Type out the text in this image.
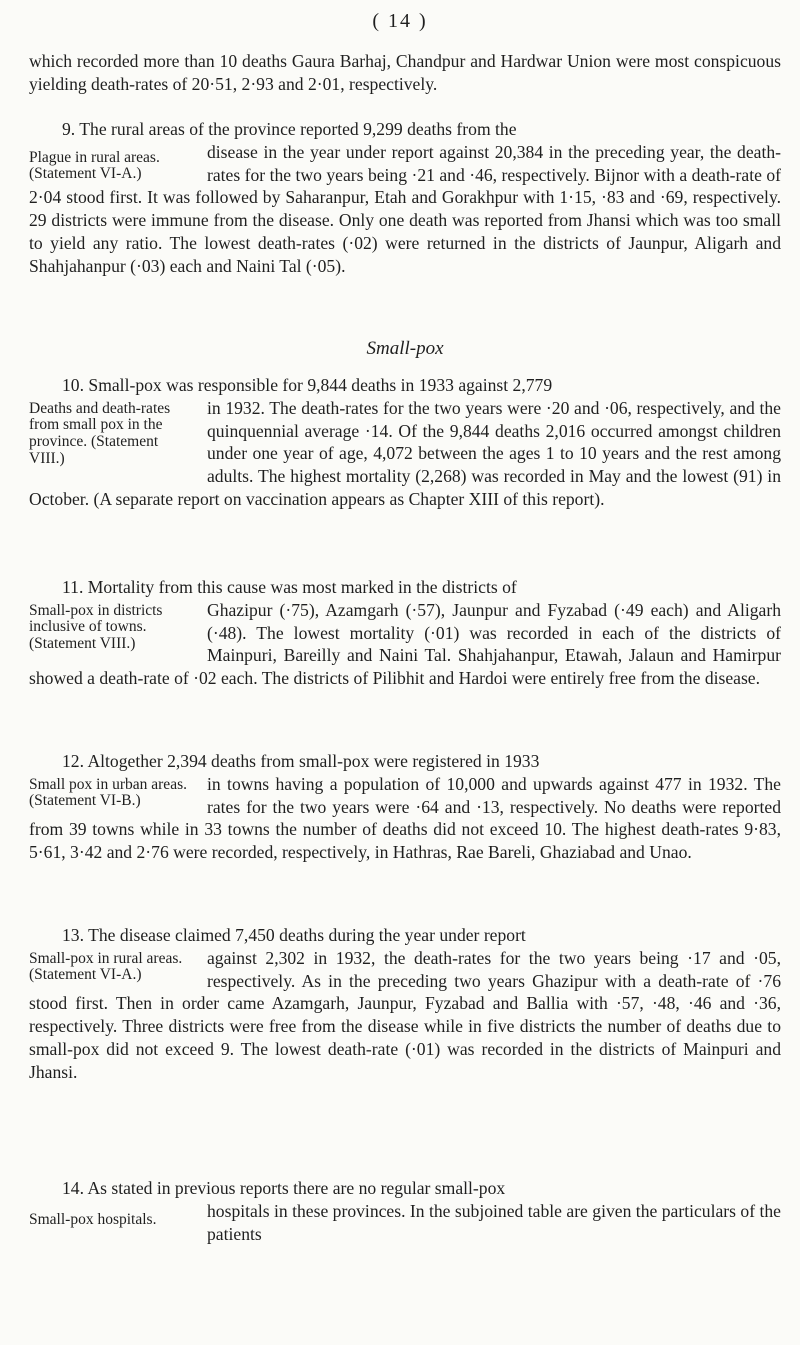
( 14 )

which recorded more than 10 deaths Gaura Barhaj, Chandpur and Hardwar Union were most conspicuous yielding death-rates of 20·51, 2·93 and 2·01, respectively.

9. The rural areas of the province reported 9,299 deaths from the

Plague in rural areas. (Statement VI-A.)

disease in the year under report against 20,384 in the preceding year, the death-rates for the two years being ·21 and ·46, respectively. Bijnor with a death-rate of 2·04 stood first. It was followed by Saharanpur, Etah and Gorakhpur with 1·15, ·83 and ·69, respectively. 29 districts were immune from the disease. Only one death was reported from Jhansi which was too small to yield any ratio. The lowest death-rates (·02) were returned in the districts of Jaunpur, Aligarh and Shahjahanpur (·03) each and Naini Tal (·05).

Small-pox

10. Small-pox was responsible for 9,844 deaths in 1933 against 2,779

Deaths and death-rates from small pox in the province. (Statement VIII.)

in 1932. The death-rates for the two years were ·20 and ·06, respectively, and the quinquennial average ·14. Of the 9,844 deaths 2,016 occurred amongst children under one year of age, 4,072 between the ages 1 to 10 years and the rest among adults. The highest mortality (2,268) was recorded in May and the lowest (91) in October. (A separate report on vaccination appears as Chapter XIII of this report).

11. Mortality from this cause was most marked in the districts of

Small-pox in districts inclusive of towns. (Statement VIII.)

Ghazipur (·75), Azamgarh (·57), Jaunpur and Fyzabad (·49 each) and Aligarh (·48). The lowest mortality (·01) was recorded in each of the districts of Mainpuri, Bareilly and Naini Tal. Shahjahanpur, Etawah, Jalaun and Hamirpur showed a death-rate of ·02 each. The districts of Pilibhit and Hardoi were entirely free from the disease.

12. Altogether 2,394 deaths from small-pox were registered in 1933

Small pox in urban areas. (Statement VI-B.)

in towns having a population of 10,000 and upwards against 477 in 1932. The rates for the two years were ·64 and ·13, respectively. No deaths were reported from 39 towns while in 33 towns the number of deaths did not exceed 10. The highest death-rates 9·83, 5·61, 3·42 and 2·76 were recorded, respectively, in Hathras, Rae Bareli, Ghaziabad and Unao.

13. The disease claimed 7,450 deaths during the year under report

Small-pox in rural areas. (Statement VI-A.)

against 2,302 in 1932, the death-rates for the two years being ·17 and ·05, respectively. As in the preceding two years Ghazipur with a death-rate of ·76 stood first. Then in order came Azamgarh, Jaunpur, Fyzabad and Ballia with ·57, ·48, ·46 and ·36, respectively. Three districts were free from the disease while in five districts the number of deaths due to small-pox did not exceed 9. The lowest death-rate (·01) was recorded in the districts of Mainpuri and Jhansi.

14. As stated in previous reports there are no regular small-pox

Small-pox hospitals.	hospitals in these provinces. In the subjoined table are given the particulars of the patients
